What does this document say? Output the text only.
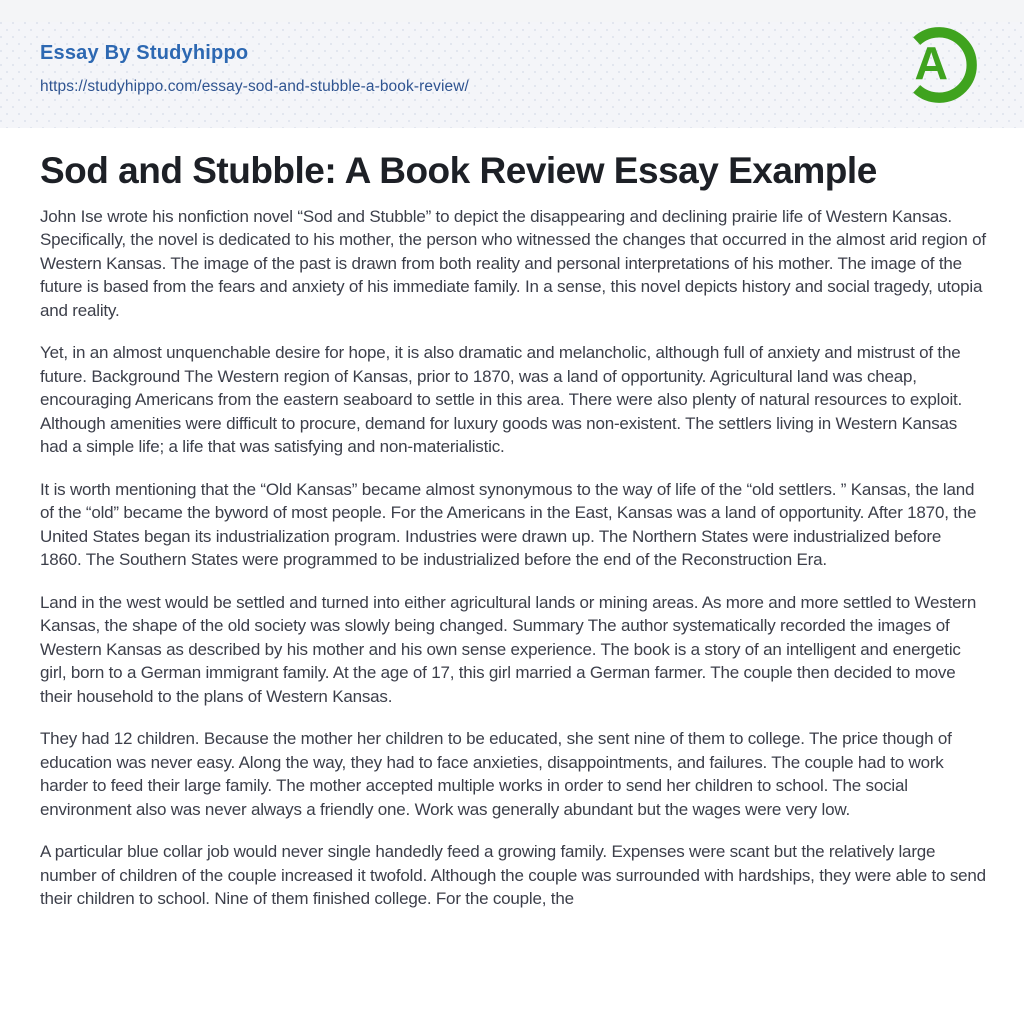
Essay By Studyhippo
https://studyhippo.com/essay-sod-and-stubble-a-book-review/	A
Sod and Stubble: A Book Review Essay Example

John Ise wrote his nonfiction novel “Sod and Stubble” to depict the disappearing and declining prairie life of Western Kansas. Specifically, the novel is dedicated to his mother, the person who witnessed the changes that occurred in the almost arid region of Western Kansas. The image of the past is drawn from both reality and personal interpretations of his mother. The image of the future is based from the fears and anxiety of his immediate family. In a sense, this novel depicts history and social tragedy, utopia and reality.

Yet, in an almost unquenchable desire for hope, it is also dramatic and melancholic, although full of anxiety and mistrust of the future. Background The Western region of Kansas, prior to 1870, was a land of opportunity. Agricultural land was cheap, encouraging Americans from the eastern seaboard to settle in this area. There were also plenty of natural resources to exploit. Although amenities were difficult to procure, demand for luxury goods was non-existent. The settlers living in Western Kansas had a simple life; a life that was satisfying and non-materialistic.

It is worth mentioning that the “Old Kansas” became almost synonymous to the way of life of the “old settlers. ” Kansas, the land of the “old” became the byword of most people. For the Americans in the East, Kansas was a land of opportunity. After 1870, the United States began its industrialization program. Industries were drawn up. The Northern States were industrialized before 1860. The Southern States were programmed to be industrialized before the end of the Reconstruction Era.

Land in the west would be settled and turned into either agricultural lands or mining areas. As more and more settled to Western Kansas, the shape of the old society was slowly being changed. Summary The author systematically recorded the images of Western Kansas as described by his mother and his own sense experience. The book is a story of an intelligent and energetic girl, born to a German immigrant family. At the age of 17, this girl married a German farmer. The couple then decided to move their household to the plans of Western Kansas.

They had 12 children. Because the mother her children to be educated, she sent nine of them to college. The price though of education was never easy. Along the way, they had to face anxieties, disappointments, and failures. The couple had to work harder to feed their large family. The mother accepted multiple works in order to send her children to school. The social environment also was never always a friendly one. Work was generally abundant but the wages were very low.

A particular blue collar job would never single handedly feed a growing family. Expenses were scant but the relatively large number of children of the couple increased it twofold. Although the couple was surrounded with hardships, they were able to send their children to school. Nine of them finished college. For the couple, the
